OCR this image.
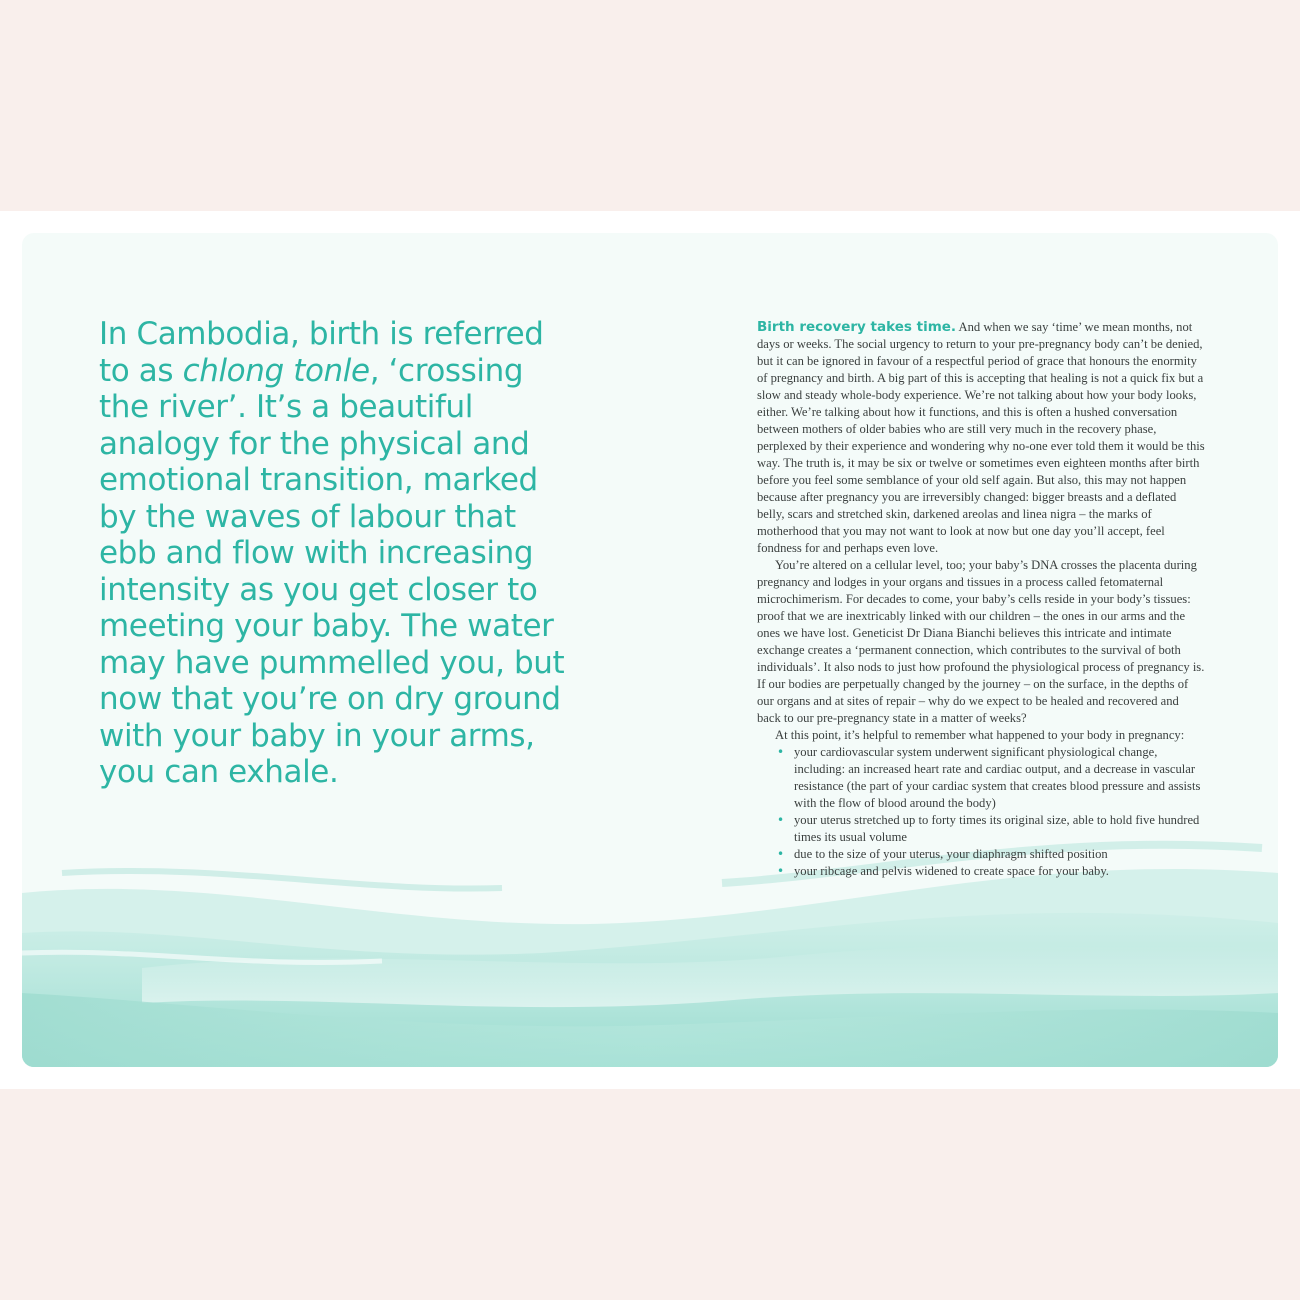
In Cambodia, birth is referred to as chlong tonle, ‘crossing the river’. It’s a beautiful analogy for the physical and emotional transition, marked by the waves of labour that ebb and flow with increasing intensity as you get closer to meeting your baby. The water may have pummelled you, but now that you’re on dry ground with your baby in your arms, you can exhale.

Birth recovery takes time. And when we say ‘time’ we mean months, not days or weeks. The social urgency to return to your pre-pregnancy body can’t be denied, but it can be ignored in favour of a respectful period of grace that honours the enormity of pregnancy and birth. A big part of this is accepting that healing is not a quick fix but a slow and steady whole-body experience. We’re not talking about how your body looks, either. We’re talking about how it functions, and this is often a hushed conversation between mothers of older babies who are still very much in the recovery phase, perplexed by their experience and wondering why no-one ever told them it would be this way. The truth is, it may be six or twelve or sometimes even eighteen months after birth before you feel some semblance of your old self again. But also, this may not happen because after pregnancy you are irreversibly changed: bigger breasts and a deflated belly, scars and stretched skin, darkened areolas and linea nigra – the marks of motherhood that you may not want to look at now but one day you’ll accept, feel fondness for and perhaps even love.

You’re altered on a cellular level, too; your baby’s DNA crosses the placenta during pregnancy and lodges in your organs and tissues in a process called fetomaternal microchimerism. For decades to come, your baby’s cells reside in your body’s tissues: proof that we are inextricably linked with our children – the ones in our arms and the ones we have lost. Geneticist Dr Diana Bianchi believes this intricate and intimate exchange creates a ‘permanent connection, which contributes to the survival of both individuals’. It also nods to just how profound the physiological process of pregnancy is. If our bodies are perpetually changed by the journey – on the surface, in the depths of our organs and at sites of repair – why do we expect to be healed and recovered and back to our pre-pregnancy state in a matter of weeks?

At this point, it’s helpful to remember what happened to your body in pregnancy:

• your cardiovascular system underwent significant physiological change, including: an increased heart rate and cardiac output, and a decrease in vascular resistance (the part of your cardiac system that creates blood pressure and assists with the flow of blood around the body)
• your uterus stretched up to forty times its original size, able to hold five hundred times its usual volume
• due to the size of your uterus, your diaphragm shifted position
• your ribcage and pelvis widened to create space for your baby.
